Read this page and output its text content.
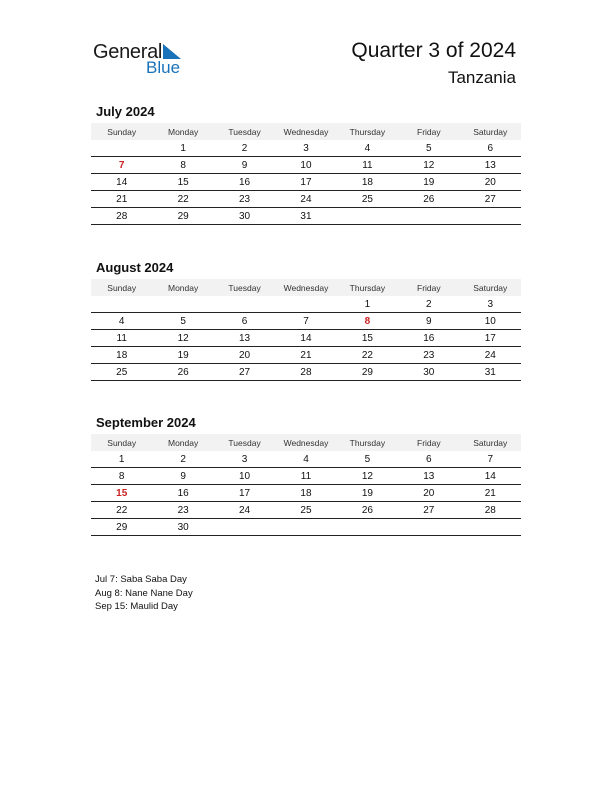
General
Blue
Quarter 3 of 2024
Tanzania
July 2024
Sunday	Monday	Tuesday	Wednesday	Thursday	Friday	Saturday
	1	2	3	4	5	6
7	8	9	10	11	12	13
14	15	16	17	18	19	20
21	22	23	24	25	26	27
28	29	30	31			
August 2024
Sunday	Monday	Tuesday	Wednesday	Thursday	Friday	Saturday
				1	2	3
4	5	6	7	8	9	10
11	12	13	14	15	16	17
18	19	20	21	22	23	24
25	26	27	28	29	30	31
September 2024
Sunday	Monday	Tuesday	Wednesday	Thursday	Friday	Saturday
1	2	3	4	5	6	7
8	9	10	11	12	13	14
15	16	17	18	19	20	21
22	23	24	25	26	27	28
29	30					
Jul 7: Saba Saba Day
Aug 8: Nane Nane Day
Sep 15: Maulid Day
